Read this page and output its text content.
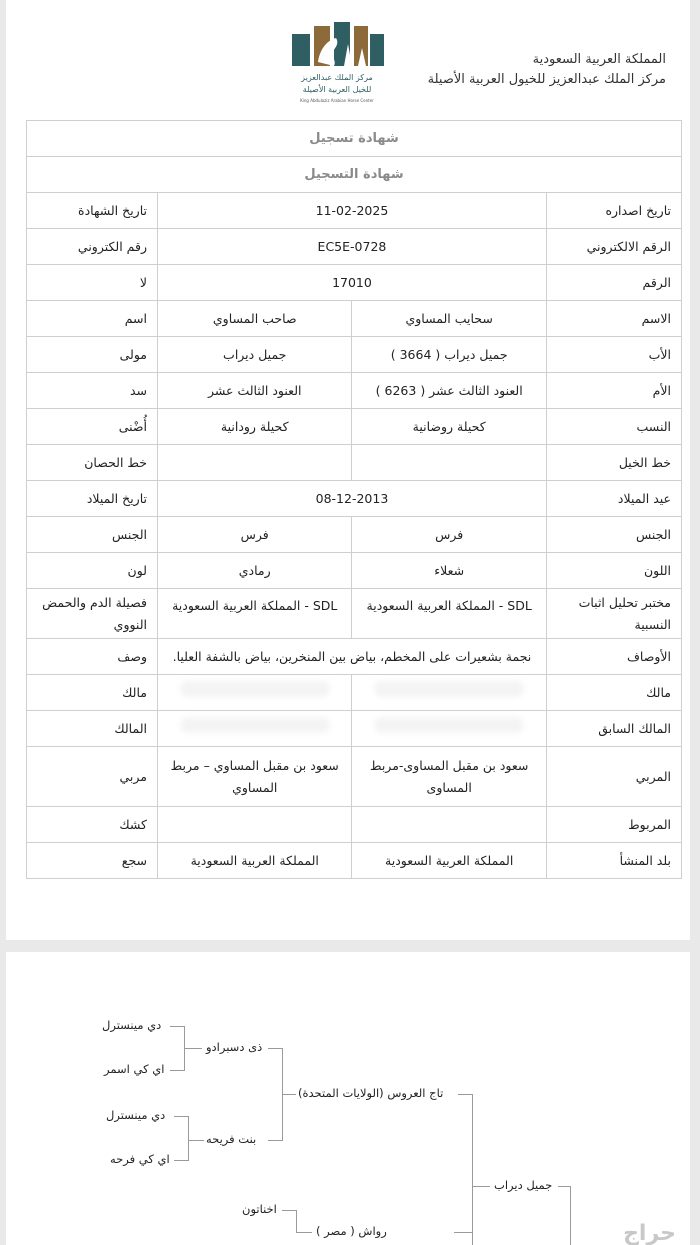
مركز الملك عبدالعزيز
للخيل العربية الأصيلة
King Abdulaziz Arabian Horse Center
المملكة العربية السعودية
مركز الملك عبدالعزيز للخيول العربية الأصيلة
شهادة تسجيل			
شهادة التسجيل			
تاريخ اصداره	11-02-2025		تاريخ الشهادة
الرقم الالكتروني	EC5E-0728		رقم الكتروني
الرقم	17010		لا
الاسم	سحايب المساوي	صاحب المساوي	اسم
الأب	جميل ديراب ( 3664 )	جميل ديراب	مولى
الأم	العنود الثالث عشر ( 6263 )	العنود الثالث عشر	سد
النسب	كحيلة روضانية	كحيلة رودانية	أُضْنى
خط الخيل			خط الحصان
عيد الميلاد	08-12-2013		تاريخ الميلاد
الجنس	فرس	فرس	الجنس
اللون	شعلاء	رمادي	لون
مختبر تحليل اثبات النسبية	SDL - المملكة العربية السعودية	SDL - المملكة العربية السعودية	فصيلة الدم والحمض النووي
الأوصاف	نجمة بشعيرات على المخطم، بياض بين المنخرين، بياض بالشفة العليا.		وصف
مالك			مالك
المالك السابق			المالك
المربي	سعود بن مقبل المساوى-مربط المساوى	سعود بن مقبل المساوي – مربط المساوي	مربي
المربوط			كشك
بلد المنشأ	المملكة العربية السعودية	المملكة العربية السعودية	سجع
دي مينسترل
اي كي اسمر
دي مينسترل
اي كي فرحه
ذى دسبرادو
بنت فريحه
اخناتون
تاج العروس (الولايات المتحدة)
رواش ( مصر )
جميل ديراب
حراج
